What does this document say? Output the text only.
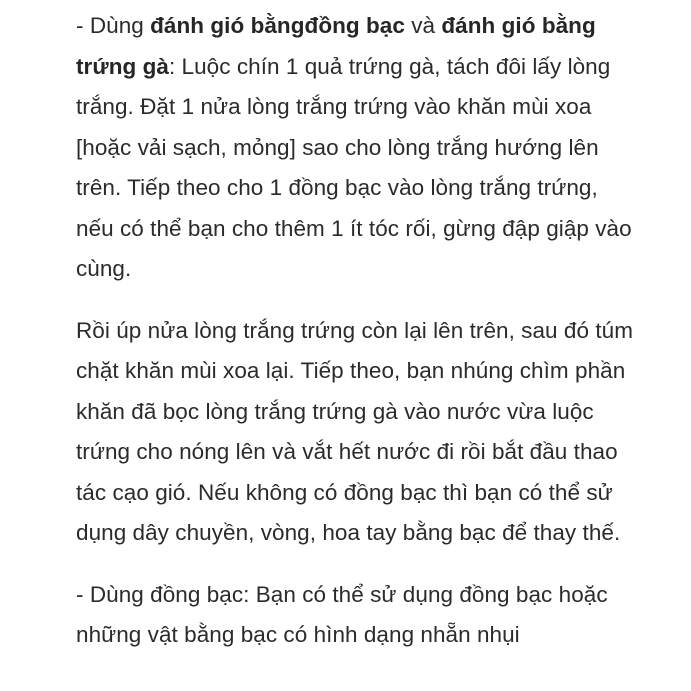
- Dùng đánh gió bằngđồng bạc và đánh gió bằng trứng gà: Luộc chín 1 quả trứng gà, tách đôi lấy lòng trắng. Đặt 1 nửa lòng trắng trứng vào khăn mùi xoa [hoặc vải sạch, mỏng] sao cho lòng trắng hướng lên trên. Tiếp theo cho 1 đồng bạc vào lòng trắng trứng, nếu có thể bạn cho thêm 1 ít tóc rối, gừng đập giập vào cùng.

Rồi úp nửa lòng trắng trứng còn lại lên trên, sau đó túm chặt khăn mùi xoa lại. Tiếp theo, bạn nhúng chìm phần khăn đã bọc lòng trắng trứng gà vào nước vừa luộc trứng cho nóng lên và vắt hết nước đi rồi bắt đầu thao tác cạo gió. Nếu không có đồng bạc thì bạn có thể sử dụng dây chuyền, vòng, hoa tay bằng bạc để thay thế.

- Dùng đồng bạc: Bạn có thể sử dụng đồng bạc hoặc những vật bằng bạc có hình dạng nhẵn nhụi
